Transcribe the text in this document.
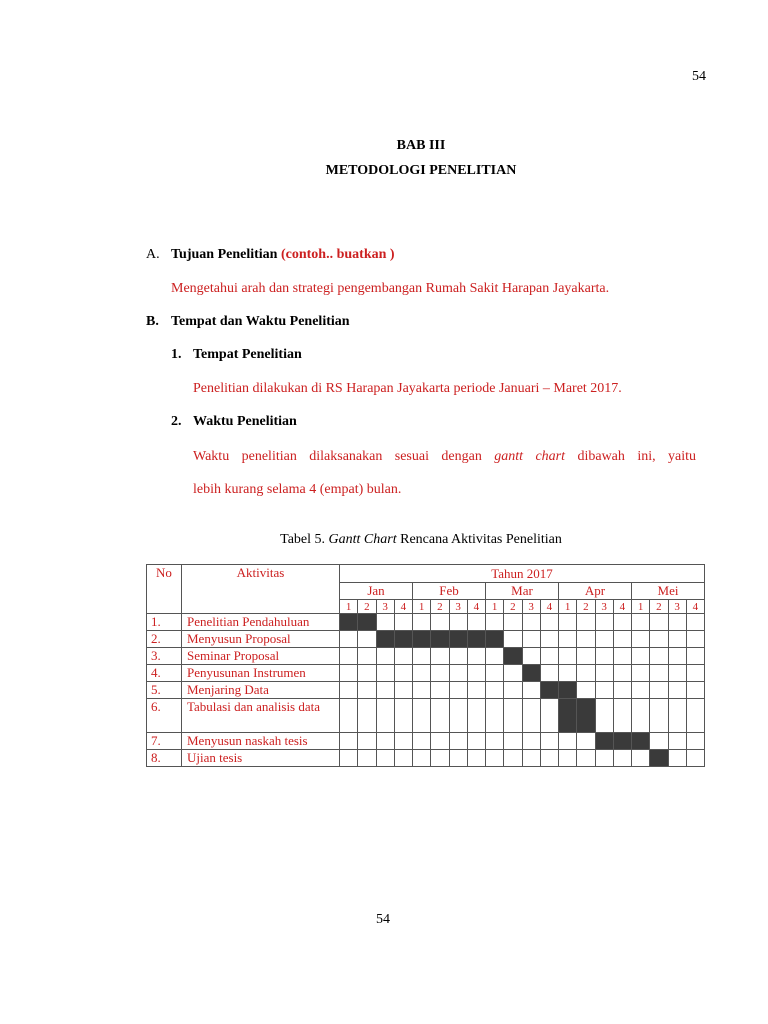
54
BAB III
METODOLOGI PENELITIAN
A. Tujuan Penelitian (contoh.. buatkan )
Mengetahui arah dan strategi pengembangan Rumah Sakit Harapan Jayakarta.
B. Tempat dan Waktu Penelitian
1. Tempat Penelitian
Penelitian dilakukan di RS Harapan Jayakarta periode Januari – Maret 2017.
2. Waktu Penelitian
Waktu penelitian dilaksanakan sesuai dengan gantt chart dibawah ini, yaitu
lebih kurang selama 4 (empat) bulan.
Tabel 5. Gantt Chart Rencana Aktivitas Penelitian
No	Aktivitas	Tahun 2017																			
		Jan				Feb				Mar				Apr				Mei			
		1	2	3	4	1	2	3	4	1	2	3	4	1	2	3	4	1	2	3	4
1.	Penelitian Pendahuluan																				
2.	Menyusun Proposal																				
3.	Seminar Proposal																				
4.	Penyusunan Instrumen																				
5.	Menjaring Data																				
6.	Tabulasi dan analisis data																				
7.	Menyusun naskah tesis																				
8.	Ujian tesis																				
54
